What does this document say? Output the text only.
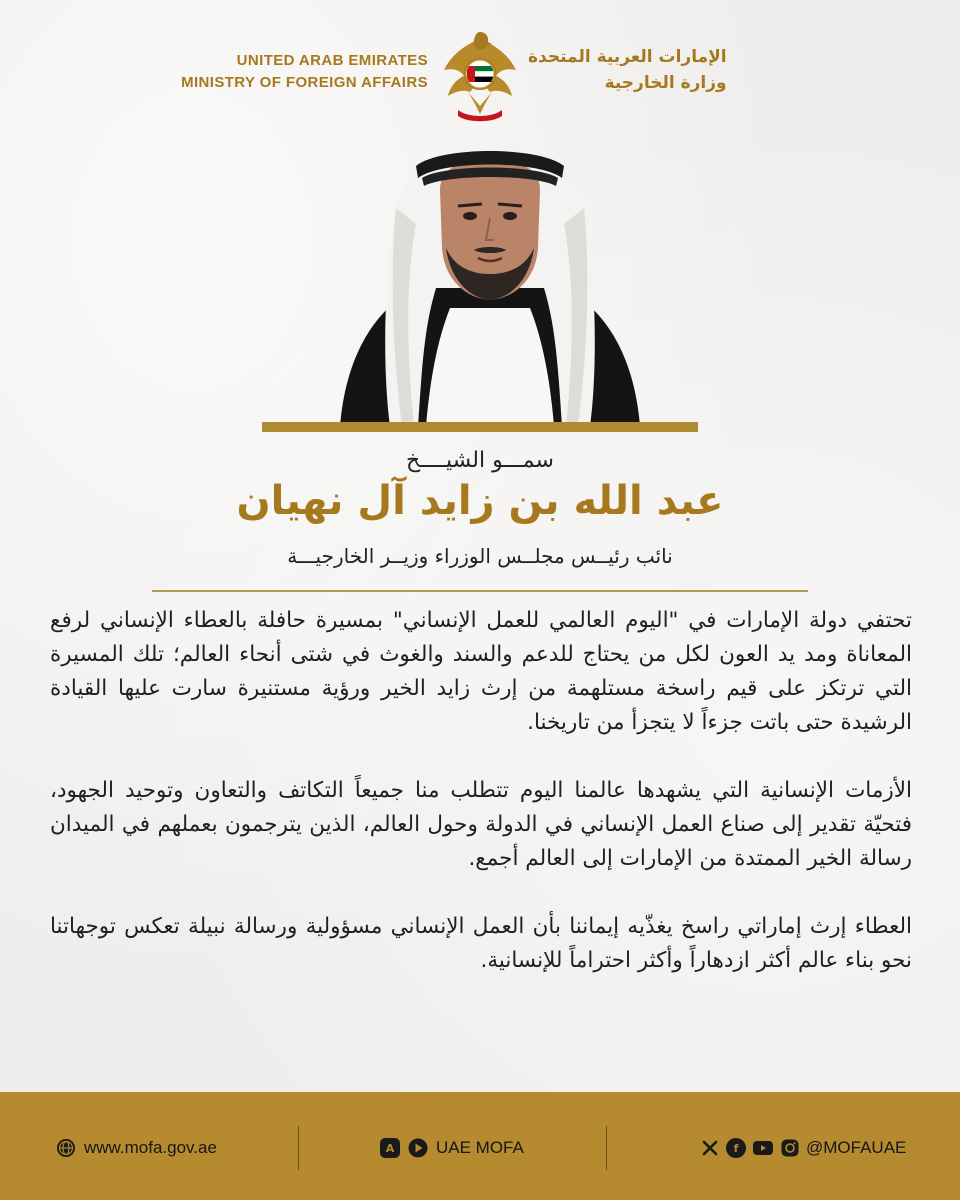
UNITED ARAB EMIRATES
MINISTRY OF FOREIGN AFFAIRS
الإمارات العربية المتحدة
وزارة الخارجية
سمـــو الشيــــخ
عبد الله بن زايد آل نهيان
نائب رئيــس مجلــس الوزراء وزيــر الخارجيـــة

تحتفي دولة الإمارات في "اليوم العالمي للعمل الإنساني" بمسيرة حافلة بالعطاء الإنساني لرفع المعاناة ومد يد العون لكل من يحتاج للدعم والسند والغوث في شتى أنحاء العالم؛ تلك المسيرة التي ترتكز على قيم راسخة مستلهمة من إرث زايد الخير ورؤية مستنيرة سارت عليها القيادة الرشيدة حتى باتت جزءاً لا يتجزأ من تاريخنا.

الأزمات الإنسانية التي يشهدها عالمنا اليوم تتطلب منا جميعاً التكاتف والتعاون وتوحيد الجهود، فتحيّة تقدير إلى صناع العمل الإنساني في الدولة وحول العالم، الذين يترجمون بعملهم في الميدان رسالة الخير الممتدة من الإمارات إلى العالم أجمع.

العطاء إرث إماراتي راسخ يغذّيه إيماننا بأن العمل الإنساني مسؤولية ورسالة نبيلة تعكس توجهاتنا نحو بناء عالم أكثر ازدهاراً وأكثر احتراماً للإنسانية.

www.mofa.gov.ae	A	UAE MOFA	f	@MOFAUAE
